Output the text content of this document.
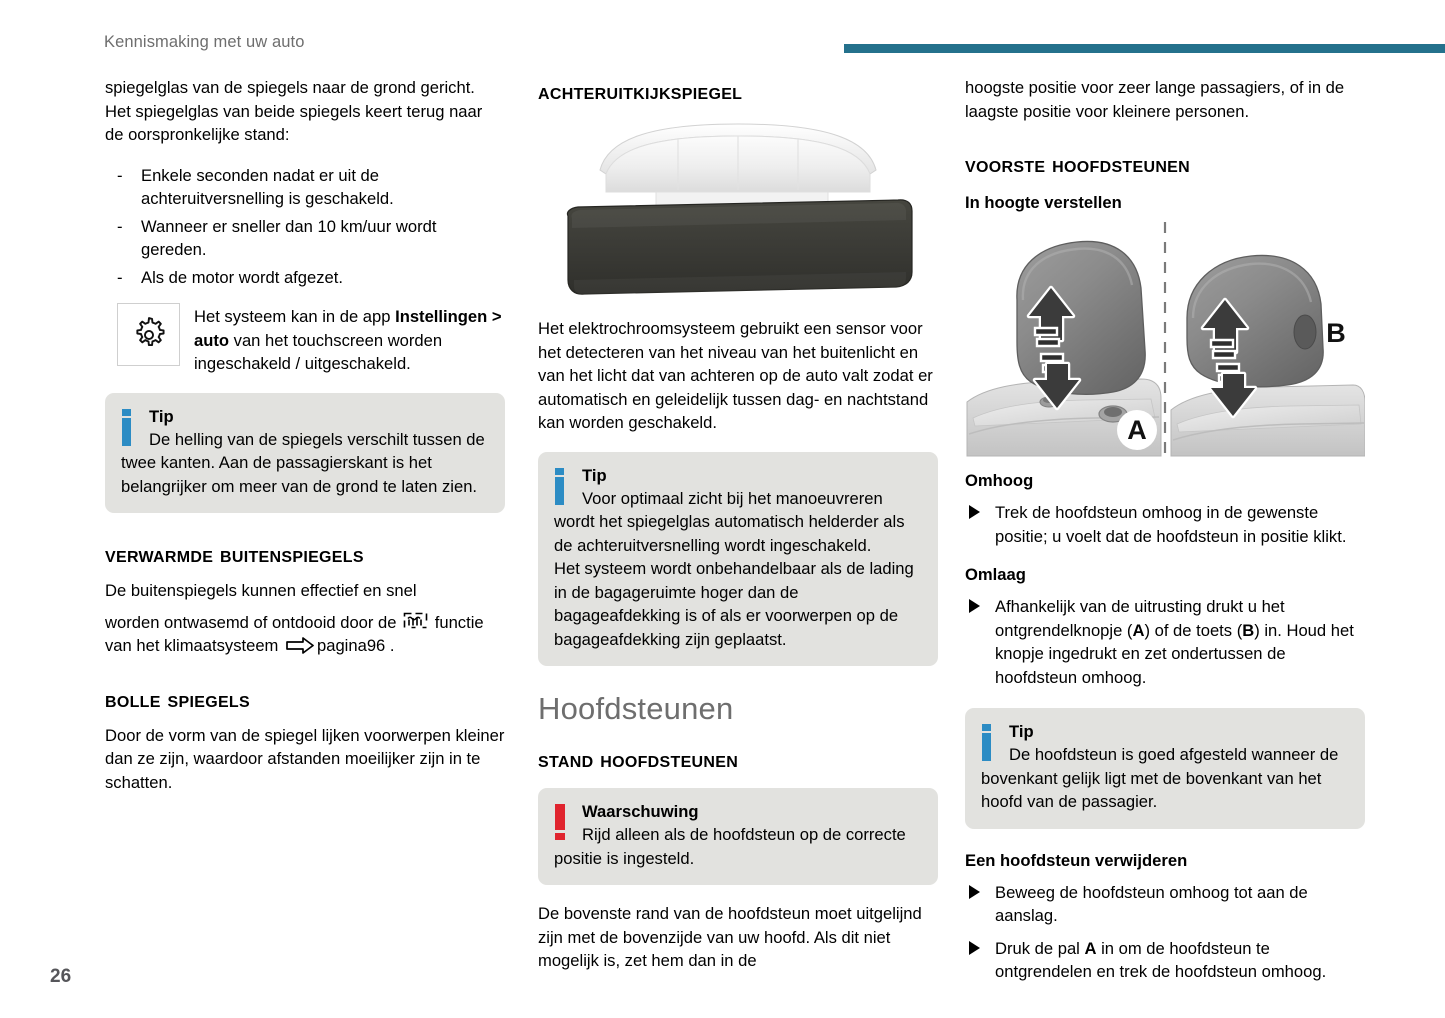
Kennismaking met uw auto

spiegelglas van de spiegels naar de grond gericht.

Het spiegelglas van beide spiegels keert terug naar de oorspronkelijke stand:

- Enkele seconden nadat er uit de achteruitversnelling is geschakeld.
- Wanneer er sneller dan 10 km/uur wordt gereden.
- Als de motor wordt afgezet.
Het systeem kan in de app Instellingen > auto van het touchscreen worden ingeschakeld / uitgeschakeld.
Tip
De helling van de spiegels verschilt tussen de twee kanten. Aan de passagierskant is het belangrijker om meer van de grond te laten zien.
verwarmde buitenspiegels

De buitenspiegels kunnen effectief en snel

worden ontwasemd of ontdooid door de  functie van het klimaatsysteem pagina96 .

bolle spiegels

Door de vorm van de spiegel lijken voorwerpen kleiner dan ze zijn, waardoor afstanden moeilijker zijn in te schatten.

achteruitkijkspiegel

Het elektrochroomsysteem gebruikt een sensor voor het detecteren van het niveau van het buitenlicht en van het licht dat van achteren op de auto valt zodat er automatisch en geleidelijk tussen dag- en nachtstand kan worden geschakeld.

Tip
Voor optimaal zicht bij het manoeuvreren wordt het spiegelglas automatisch helderder als de achteruitversnelling wordt ingeschakeld.
Het systeem wordt onbehandelbaar als de lading in de bagageruimte hoger dan de bagageafdekking is of als er voorwerpen op de bagageafdekking zijn geplaatst.
Hoofdsteunen
stand hoofdsteunen
Waarschuwing
Rijd alleen als de hoofdsteun op de correcte positie is ingesteld.

De bovenste rand van de hoofdsteun moet uitgelijnd zijn met de bovenzijde van uw hoofd. Als dit niet mogelijk is, zet hem dan in de

hoogste positie voor zeer lange passagiers, of in de laagste positie voor kleinere personen.

voorste hoofdsteunen
In hoogte verstellen
A
B
Omhoog
Trek de hoofdsteun omhoog in de gewenste positie; u voelt dat de hoofdsteun in positie klikt.
Omlaag
Afhankelijk van de uitrusting drukt u het ontgrendelknopje (A) of de toets (B) in. Houd het knopje ingedrukt en zet ondertussen de hoofdsteun omhoog.
Tip
De hoofdsteun is goed afgesteld wanneer de bovenkant gelijk ligt met de bovenkant van het hoofd van de passagier.
Een hoofdsteun verwijderen
Beweeg de hoofdsteun omhoog tot aan de aanslag.
Druk de pal A in om de hoofdsteun te ontgrendelen en trek de hoofdsteun omhoog.
26
